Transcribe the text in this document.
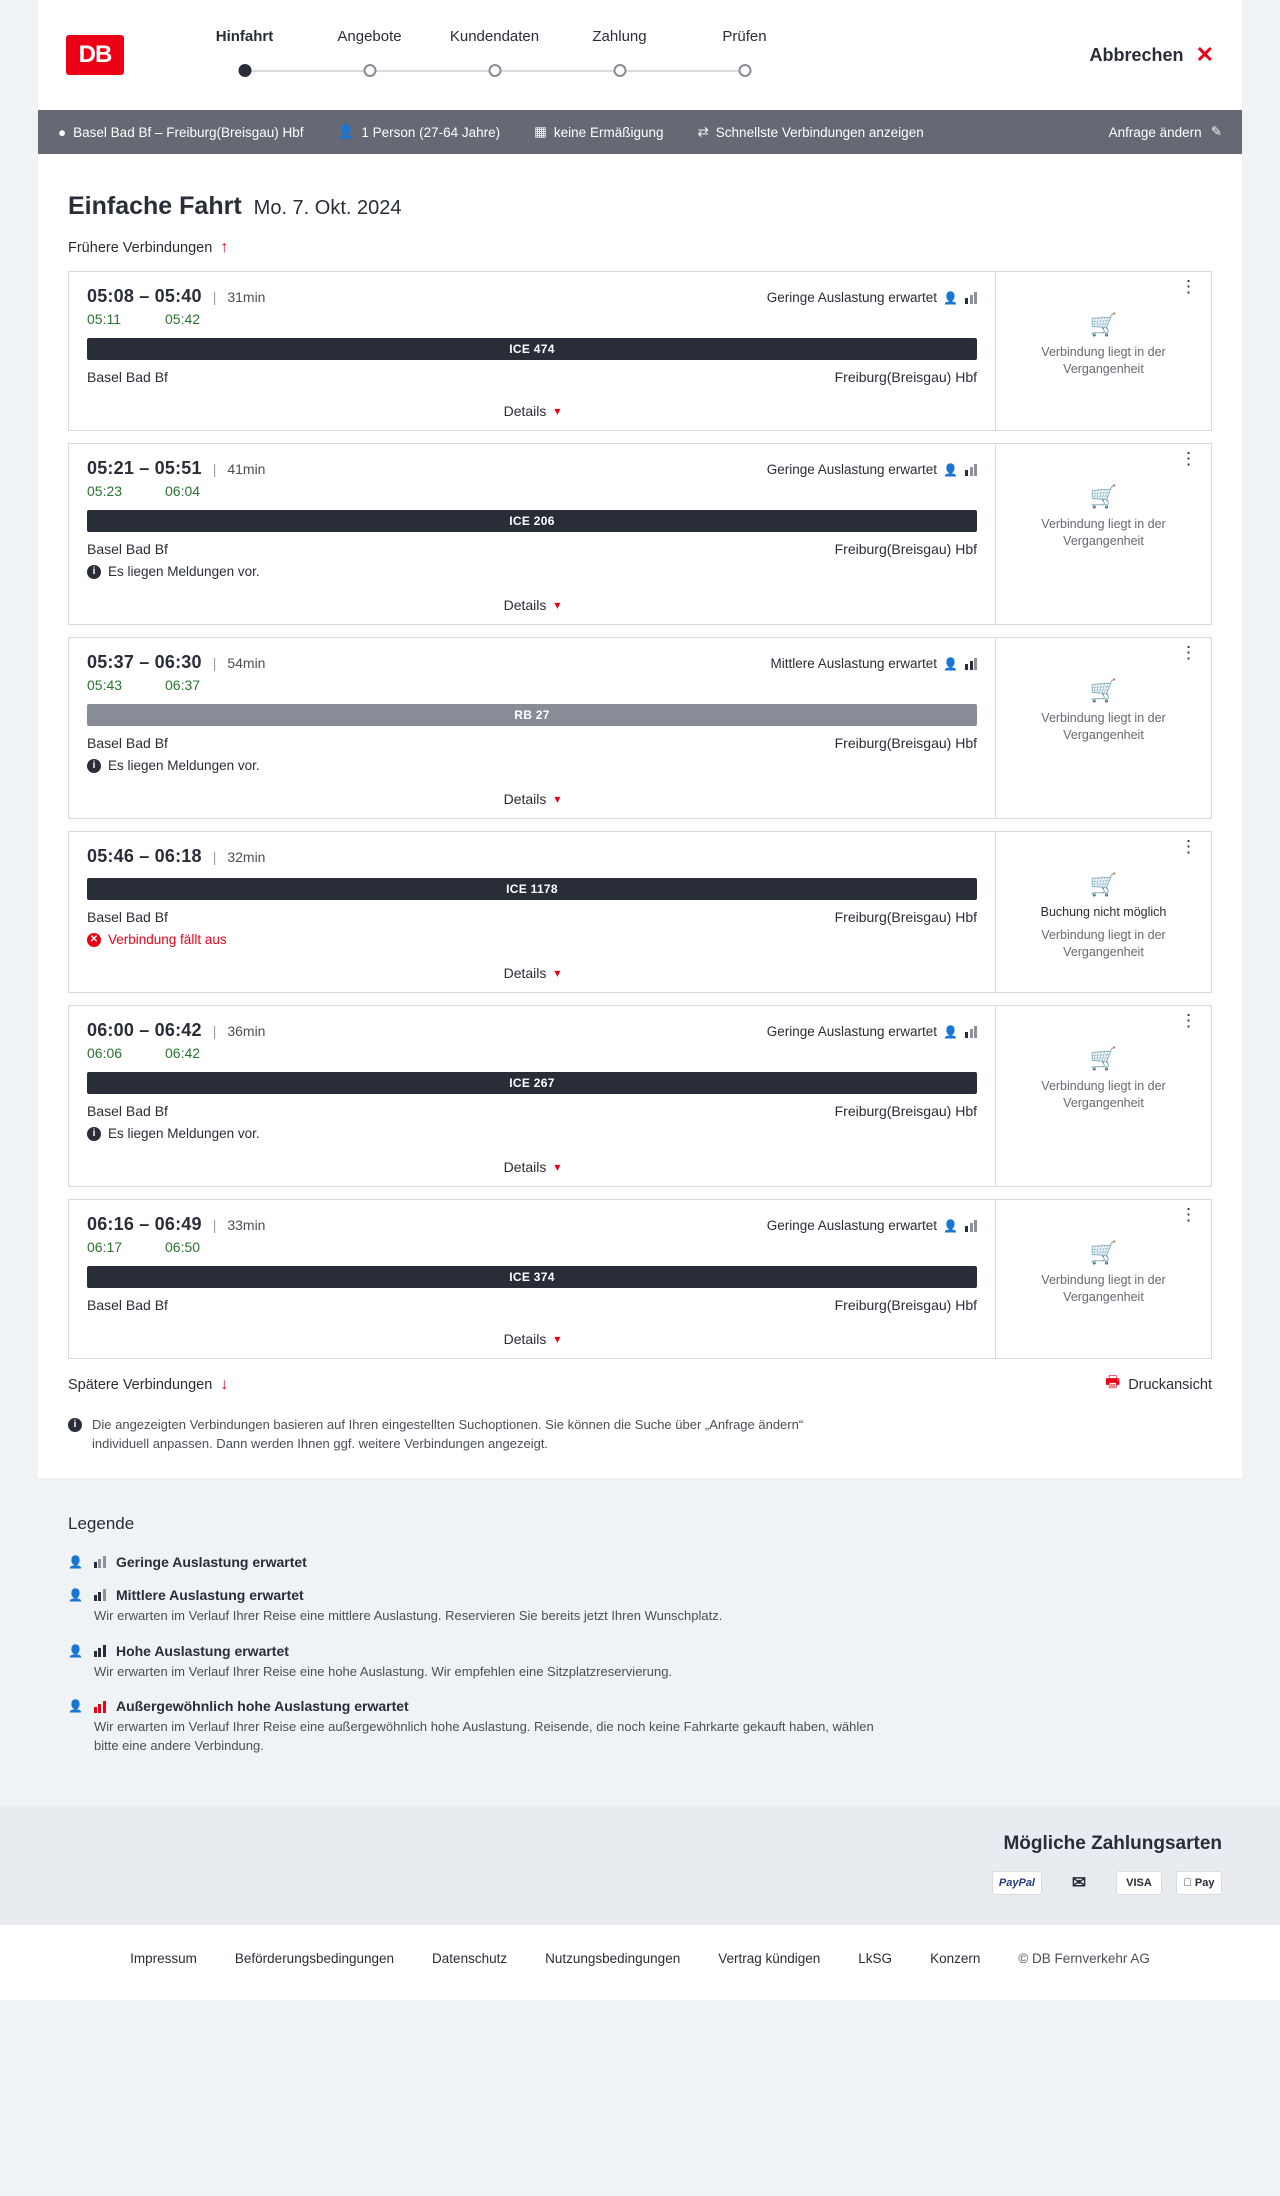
DB
Hinfahrt	Angebote	Kundendaten	Zahlung	Prüfen
Abbrechen ✕
● Basel Bad Bf – Freiburg(Breisgau) Hbf	👤 1 Person (27-64 Jahre)	▦ keine Ermäßigung	⇄ Schnellste Verbindungen anzeigen	Anfrage ändern ✎
Einfache Fahrt Mo. 7. Okt. 2024
Frühere Verbindungen ↑
05:08 – 05:40 | 31min	Geringe Auslastung erwartet 👤
05:11	05:42
ICE 474
Basel Bad Bf	Freiburg(Breisgau) Hbf
Details ▾
⋮
🛒
Verbindung liegt in der Vergangenheit
05:21 – 05:51 | 41min	Geringe Auslastung erwartet 👤
05:23	06:04
ICE 206
Basel Bad Bf	Freiburg(Breisgau) Hbf
i Es liegen Meldungen vor.
Details ▾
⋮
🛒
Verbindung liegt in der Vergangenheit
05:37 – 06:30 | 54min	Mittlere Auslastung erwartet 👤
05:43	06:37
RB 27
Basel Bad Bf	Freiburg(Breisgau) Hbf
i Es liegen Meldungen vor.
Details ▾
⋮
🛒
Verbindung liegt in der Vergangenheit
05:46 – 06:18 | 32min
ICE 1178
Basel Bad Bf	Freiburg(Breisgau) Hbf
✕ Verbindung fällt aus
Details ▾
⋮
🛒
Buchung nicht möglich
Verbindung liegt in der Vergangenheit
06:00 – 06:42 | 36min	Geringe Auslastung erwartet 👤
06:06	06:42
ICE 267
Basel Bad Bf	Freiburg(Breisgau) Hbf
i Es liegen Meldungen vor.
Details ▾
⋮
🛒
Verbindung liegt in der Vergangenheit
06:16 – 06:49 | 33min	Geringe Auslastung erwartet 👤
06:17	06:50
ICE 374
Basel Bad Bf	Freiburg(Breisgau) Hbf
Details ▾
⋮
🛒
Verbindung liegt in der Vergangenheit
Spätere Verbindungen ↓	🖶 Druckansicht
i	Die angezeigten Verbindungen basieren auf Ihren eingestellten Suchoptionen. Sie können die Suche über „Anfrage ändern“ individuell anpassen. Dann werden Ihnen ggf. weitere Verbindungen angezeigt.
Legende
👤 Geringe Auslastung erwartet
👤 Mittlere Auslastung erwartet
Wir erwarten im Verlauf Ihrer Reise eine mittlere Auslastung. Reservieren Sie bereits jetzt Ihren Wunschplatz.
👤 Hohe Auslastung erwartet
Wir erwarten im Verlauf Ihrer Reise eine hohe Auslastung. Wir empfehlen eine Sitzplatzreservierung.
👤 Außergewöhnlich hohe Auslastung erwartet
Wir erwarten im Verlauf Ihrer Reise eine außergewöhnlich hohe Auslastung. Reisende, die noch keine Fahrkarte gekauft haben, wählen bitte eine andere Verbindung.
Mögliche Zahlungsarten
PayPal	✉	VISA	Pay
Impressum	Beförderungsbedingungen	Datenschutz	Nutzungsbedingungen	Vertrag kündigen	LkSG	Konzern	© DB Fernverkehr AG
